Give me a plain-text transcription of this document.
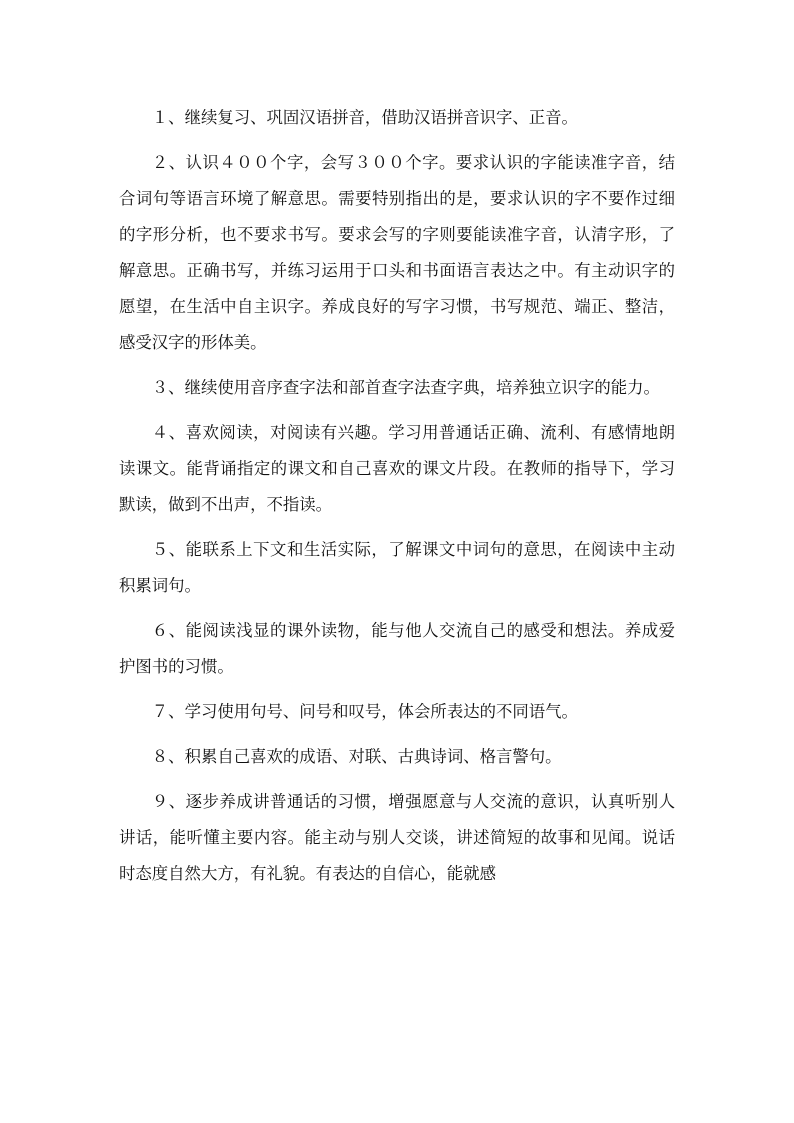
１、继续复习、巩固汉语拼音，借助汉语拼音识字、正音。

２、认识４００个字，会写３００个字。要求认识的字能读准字音，结合词句等语言环境了解意思。需要特别指出的是，要求认识的字不要作过细的字形分析，也不要求书写。要求会写的字则要能读准字音，认清字形，了解意思。正确书写，并练习运用于口头和书面语言表达之中。有主动识字的愿望，在生活中自主识字。养成良好的写字习惯，书写规范、端正、整洁，感受汉字的形体美。

３、继续使用音序查字法和部首查字法查字典，培养独立识字的能力。

４、喜欢阅读，对阅读有兴趣。学习用普通话正确、流利、有感情地朗读课文。能背诵指定的课文和自己喜欢的课文片段。在教师的指导下，学习默读，做到不出声，不指读。

５、能联系上下文和生活实际，了解课文中词句的意思，在阅读中主动积累词句。

６、能阅读浅显的课外读物，能与他人交流自己的感受和想法。养成爱护图书的习惯。

７、学习使用句号、问号和叹号，体会所表达的不同语气。

８、积累自己喜欢的成语、对联、古典诗词、格言警句。

９、逐步养成讲普通话的习惯，增强愿意与人交流的意识，认真听别人讲话，能听懂主要内容。能主动与别人交谈，讲述简短的故事和见闻。说话时态度自然大方，有礼貌。有表达的自信心，能就感
